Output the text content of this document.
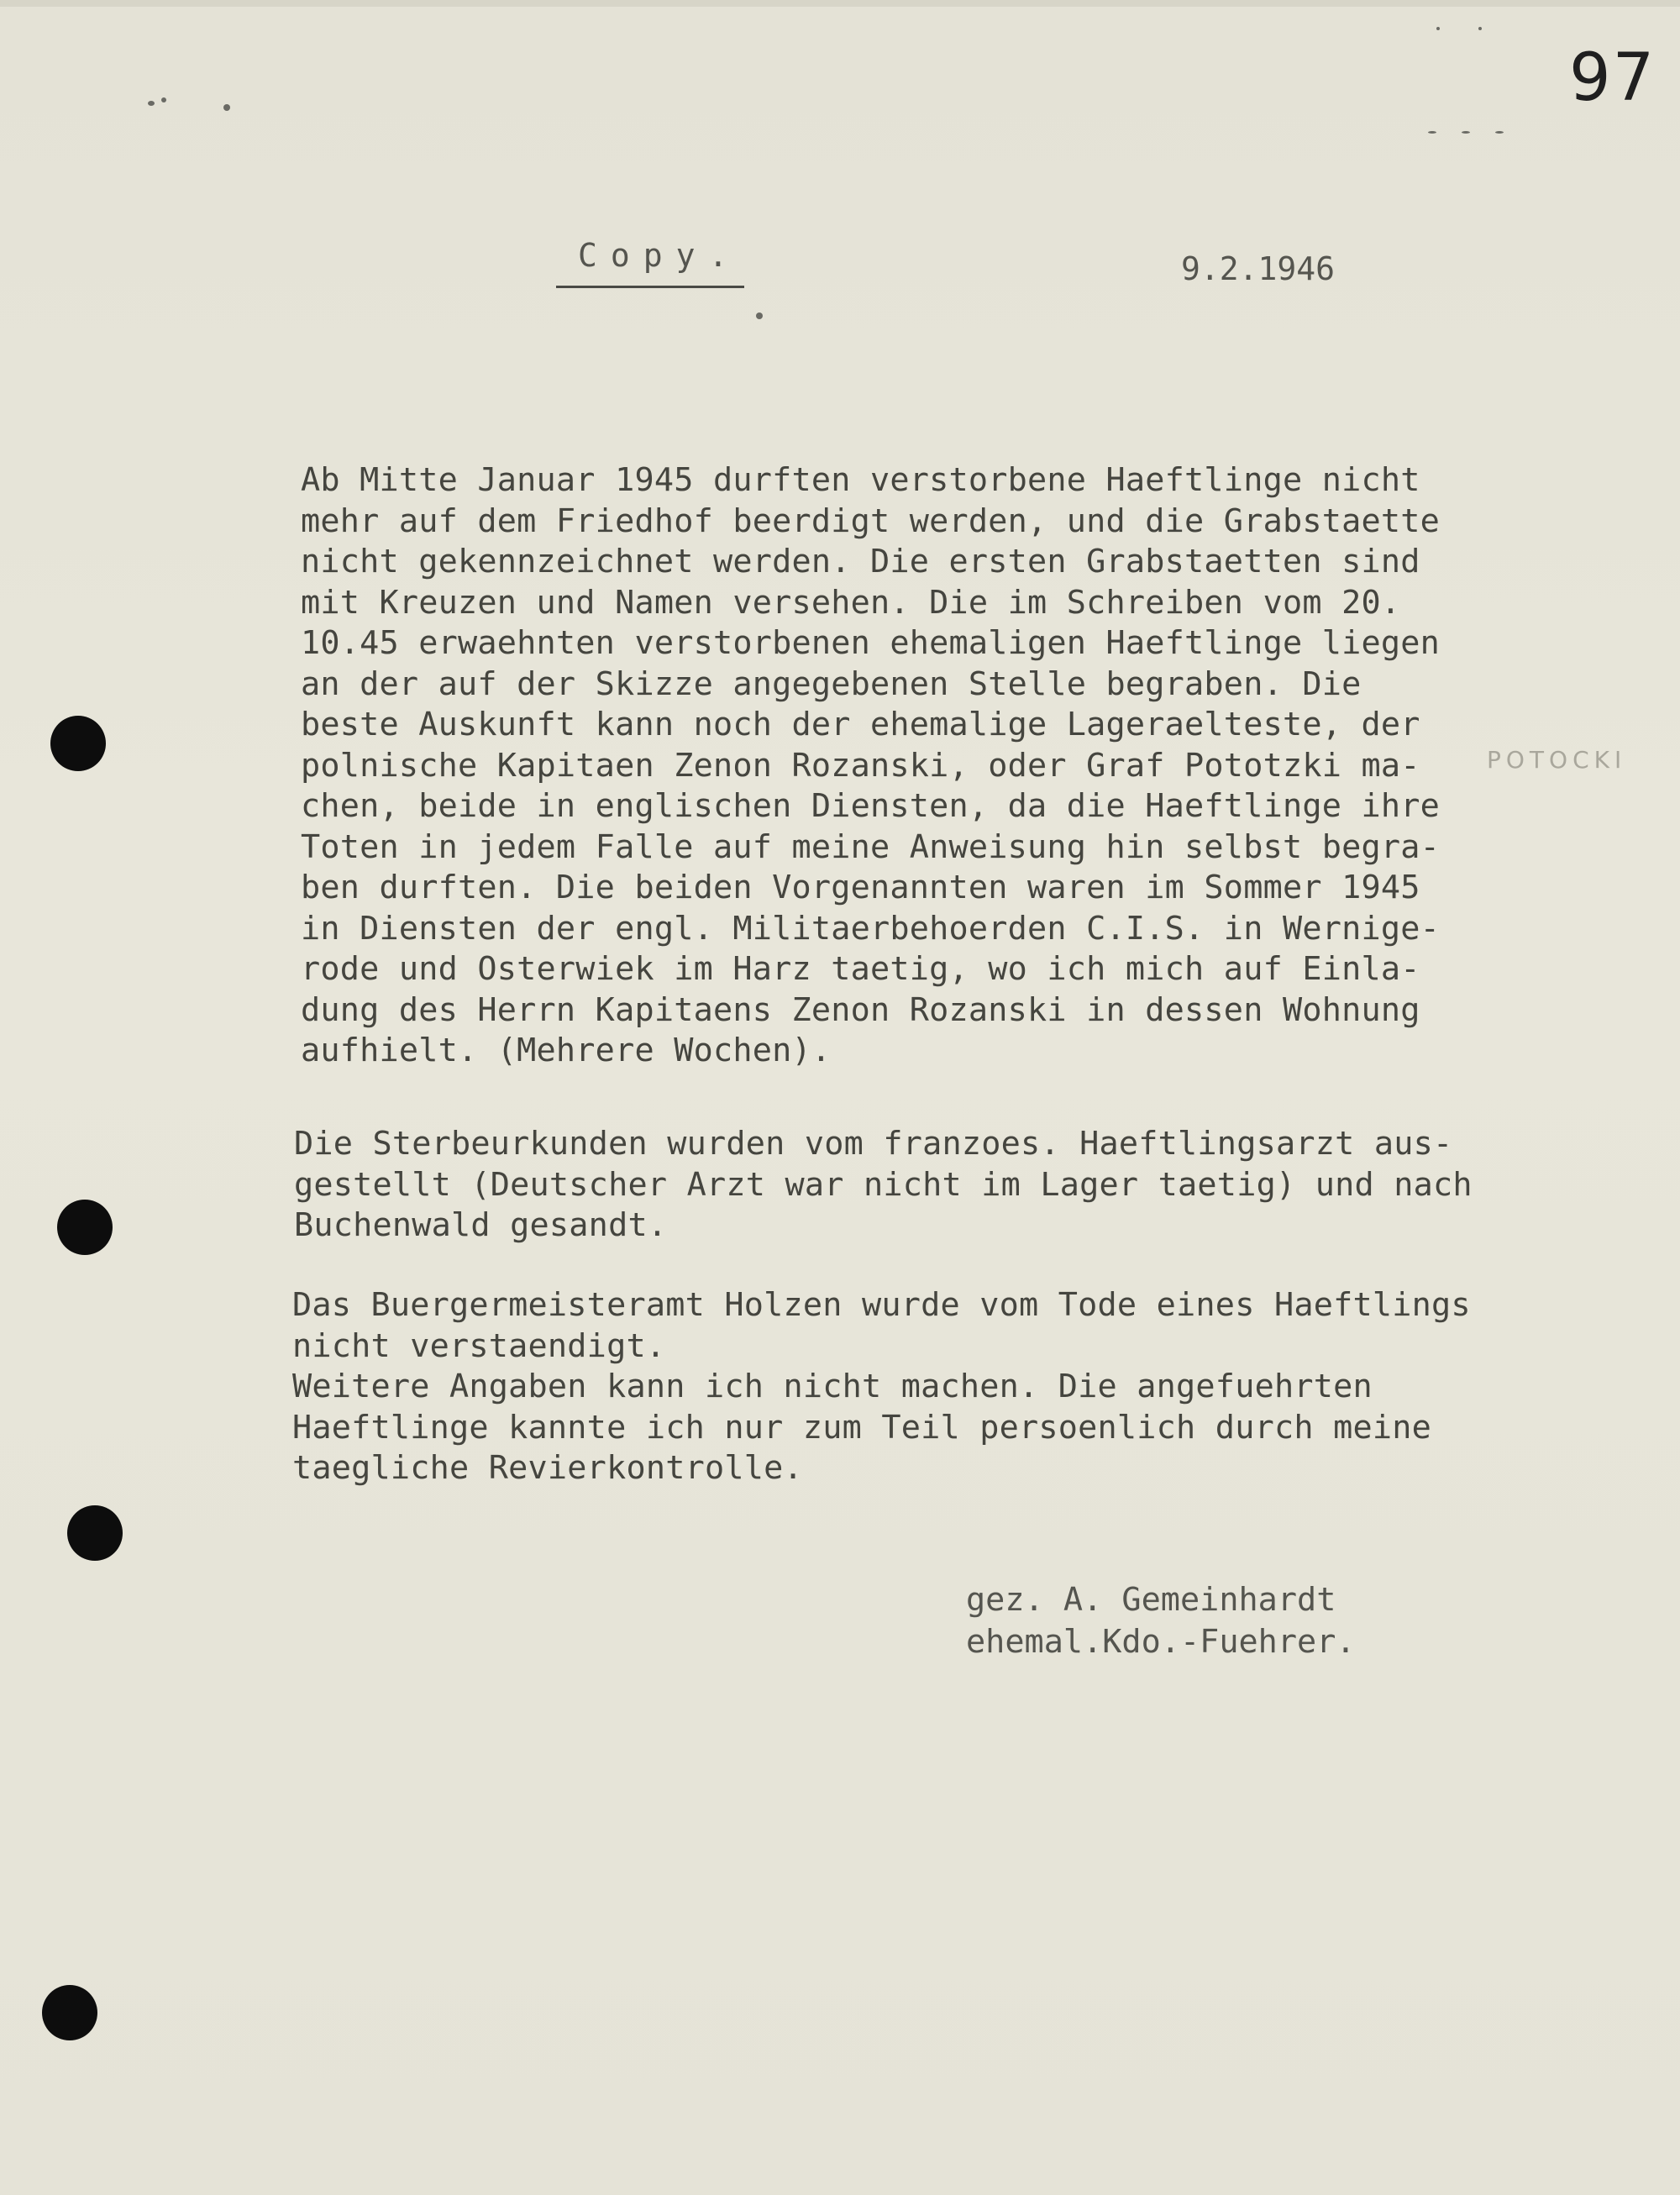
97
Copy.	9.2.1946
Ab Mitte Januar 1945 durften verstorbene Haeftlinge nicht
mehr auf dem Friedhof beerdigt werden, und die Grabstaette
nicht gekennzeichnet werden. Die ersten Grabstaetten sind
mit Kreuzen und Namen versehen. Die im Schreiben vom 20.
10.45 erwaehnten verstorbenen ehemaligen Haeftlinge liegen
an der auf der Skizze angegebenen Stelle begraben. Die
beste Auskunft kann noch der ehemalige Lageraelteste, der
polnische Kapitaen Zenon Rozanski, oder Graf Pototzki ma-
chen, beide in englischen Diensten, da die Haeftlinge ihre
Toten in jedem Falle auf meine Anweisung hin selbst begra-
ben durften. Die beiden Vorgenannten waren im Sommer 1945
in Diensten der engl. Militaerbehoerden C.I.S. in Wernige-
rode und Osterwiek im Harz taetig, wo ich mich auf Einla-
dung des Herrn Kapitaens Zenon Rozanski in dessen Wohnung
aufhielt. (Mehrere Wochen).
POTOCKI
Die Sterbeurkunden wurden vom franzoes. Haeftlingsarzt aus-
gestellt (Deutscher Arzt war nicht im Lager taetig) und nach
Buchenwald gesandt.
Das Buergermeisteramt Holzen wurde vom Tode eines Haeftlings
nicht verstaendigt.
Weitere Angaben kann ich nicht machen. Die angefuehrten
Haeftlinge kannte ich nur zum Teil persoenlich durch meine
taegliche Revierkontrolle.
gez. A. Gemeinhardt
ehemal.Kdo.-Fuehrer.
